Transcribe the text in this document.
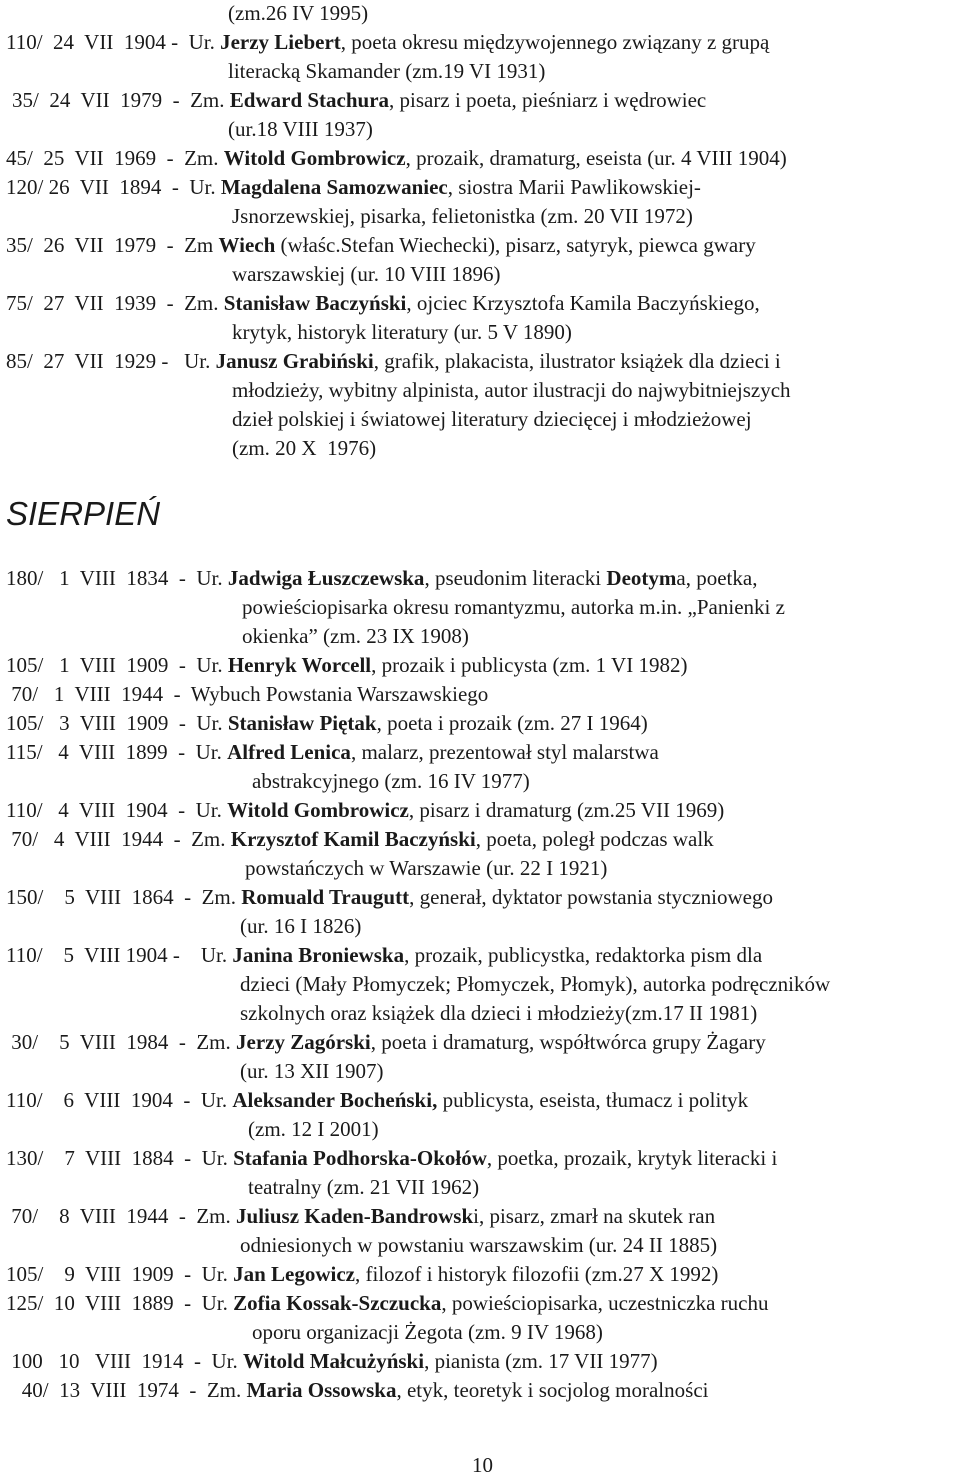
SIERPIEŃ
10
(zm.26 IV 1995)
110/  24  VII  1904 -  Ur. Jerzy Liebert, poeta okresu międzywojennego związany z grupą
literacką Skamander (zm.19 VI 1931)
35/  24  VII  1979  -  Zm. Edward Stachura, pisarz i poeta, pieśniarz i wędrowiec
(ur.18 VIII 1937)
45/  25  VII  1969  -  Zm. Witold Gombrowicz, prozaik, dramaturg, eseista (ur. 4 VIII 1904)
120/ 26  VII  1894  -  Ur. Magdalena Samozwaniec, siostra Marii Pawlikowskiej-
Jsnorzewskiej, pisarka, felietonistka (zm. 20 VII 1972)
35/  26  VII  1979  -  Zm Wiech (właśc.Stefan Wiechecki), pisarz, satyryk, piewca gwary
warszawskiej (ur. 10 VIII 1896)
75/  27  VII  1939  -  Zm. Stanisław Baczyński, ojciec Krzysztofa Kamila Baczyńskiego,
krytyk, historyk literatury (ur. 5 V 1890)
85/  27  VII  1929 -   Ur. Janusz Grabiński, grafik, plakacista, ilustrator książek dla dzieci i
młodzieży, wybitny alpinista, autor ilustracji do najwybitniejszych
dzieł polskiej i światowej literatury dziecięcej i młodzieżowej
(zm. 20 X  1976)
180/   1  VIII  1834  -  Ur. Jadwiga Łuszczewska, pseudonim literacki Deotyma, poetka,
powieściopisarka okresu romantyzmu, autorka m.in. „Panienki z
okienka” (zm. 23 IX 1908)
105/   1  VIII  1909  -  Ur. Henryk Worcell, prozaik i publicysta (zm. 1 VI 1982)
70/   1  VIII  1944  -  Wybuch Powstania Warszawskiego
105/   3  VIII  1909  -  Ur. Stanisław Piętak, poeta i prozaik (zm. 27 I 1964)
115/   4  VIII  1899  -  Ur. Alfred Lenica, malarz, prezentował styl malarstwa
abstrakcyjnego (zm. 16 IV 1977)
110/   4  VIII  1904  -  Ur. Witold Gombrowicz, pisarz i dramaturg (zm.25 VII 1969)
70/   4  VIII  1944  -  Zm. Krzysztof Kamil Baczyński, poeta, poległ podczas walk
powstańczych w Warszawie (ur. 22 I 1921)
150/    5  VIII  1864  -  Zm. Romuald Traugutt, generał, dyktator powstania styczniowego
(ur. 16 I 1826)
110/    5  VIII 1904 -    Ur. Janina Broniewska, prozaik, publicystka, redaktorka pism dla
dzieci (Mały Płomyczek; Płomyczek, Płomyk), autorka podręczników
szkolnych oraz książek dla dzieci i młodzieży(zm.17 II 1981)
30/    5  VIII  1984  -  Zm. Jerzy Zagórski, poeta i dramaturg, współtwórca grupy Żagary
(ur. 13 XII 1907)
110/    6  VIII  1904  -  Ur. Aleksander Bocheński, publicysta, eseista, tłumacz i polityk
(zm. 12 I 2001)
130/    7  VIII  1884  -  Ur. Stafania Podhorska-Okołów, poetka, prozaik, krytyk literacki i
teatralny (zm. 21 VII 1962)
70/    8  VIII  1944  -  Zm. Juliusz Kaden-Bandrowski, pisarz, zmarł na skutek ran
odniesionych w powstaniu warszawskim (ur. 24 II 1885)
105/    9  VIII  1909  -  Ur. Jan Legowicz, filozof i historyk filozofii (zm.27 X 1992)
125/  10  VIII  1889  -  Ur. Zofia Kossak-Szczucka, powieściopisarka, uczestniczka ruchu
oporu organizacji Żegota (zm. 9 IV 1968)
100   10   VIII  1914  -  Ur. Witold Małcużyński, pianista (zm. 17 VII 1977)
40/  13  VIII  1974  -  Zm. Maria Ossowska, etyk, teoretyk i socjolog moralności
